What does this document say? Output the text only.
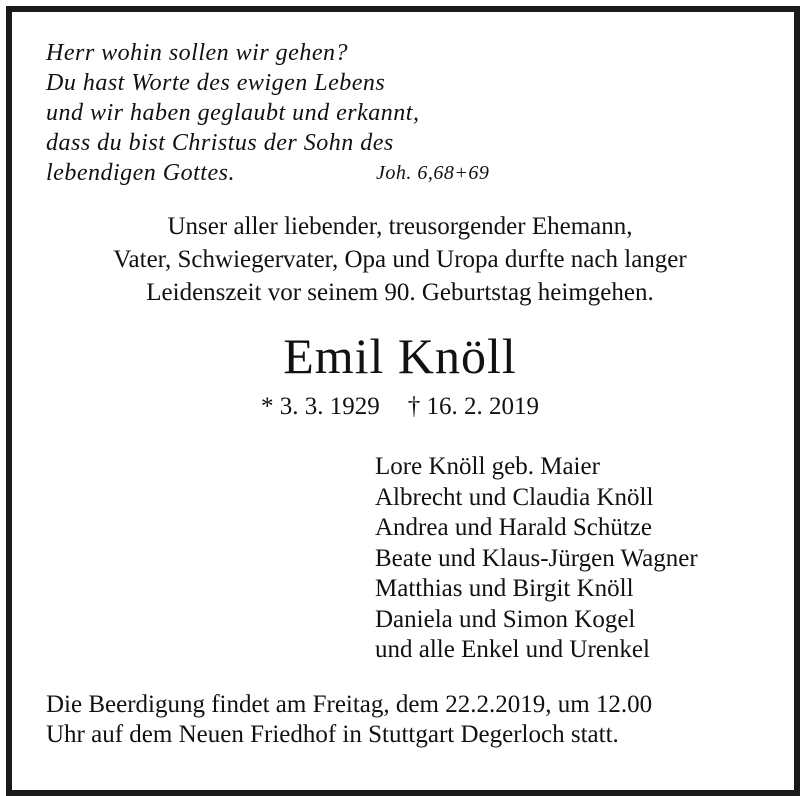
Herr wohin sollen wir gehen?
Du hast Worte des ewigen Lebens
und wir haben geglaubt und erkannt,
dass du bist Christus der Sohn des
lebendigen Gottes.	Joh. 6,68+69
Unser aller liebender, treusorgender Ehemann,
Vater, Schwiegervater, Opa und Uropa durfte nach langer
Leidenszeit vor seinem 90. Geburtstag heimgehen.
Emil Knöll
* 3. 3. 1929 † 16. 2. 2019
Lore Knöll geb. Maier
Albrecht und Claudia Knöll
Andrea und Harald Schütze
Beate und Klaus-Jürgen Wagner
Matthias und Birgit Knöll
Daniela und Simon Kogel
und alle Enkel und Urenkel
Die Beerdigung findet am Freitag, dem 22.2.2019, um 12.00
Uhr auf dem Neuen Friedhof in Stuttgart Degerloch statt.
